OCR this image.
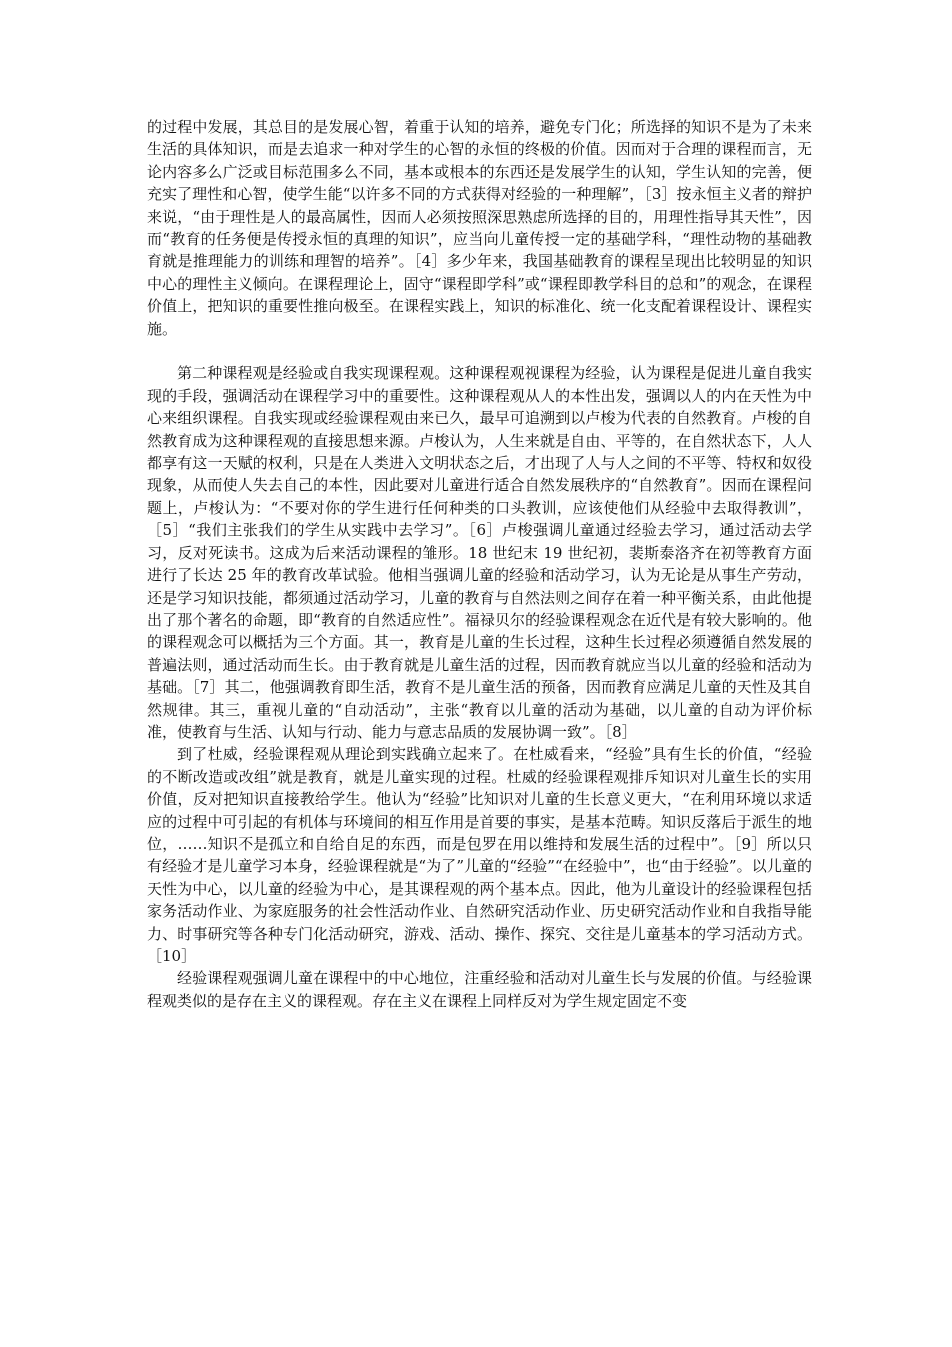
的过程中发展，其总目的是发展心智，着重于认知的培养，避免专门化；所选择的知识不是为了未来生活的具体知识，而是去追求一种对学生的心智的永恒的终极的价值。因而对于合理的课程而言，无论内容多么广泛或目标范围多么不同，基本或根本的东西还是发展学生的认知，学生认知的完善，便充实了理性和心智，使学生能“以许多不同的方式获得对经验的一种理解”，［3］按永恒主义者的辩护来说，“由于理性是人的最高属性，因而人必须按照深思熟虑所选择的目的，用理性指导其天性”，因而“教育的任务便是传授永恒的真理的知识”，应当向儿童传授一定的基础学科，“理性动物的基础教育就是推理能力的训练和理智的培养”。［4］多少年来，我国基础教育的课程呈现出比较明显的知识中心的理性主义倾向。在课程理论上，固守“课程即学科”或“课程即教学科目的总和”的观念，在课程价值上，把知识的重要性推向极至。在课程实践上，知识的标准化、统一化支配着课程设计、课程实施。

第二种课程观是经验或自我实现课程观。这种课程观视课程为经验，认为课程是促进儿童自我实现的手段，强调活动在课程学习中的重要性。这种课程观从人的本性出发，强调以人的内在天性为中心来组织课程。自我实现或经验课程观由来已久，最早可追溯到以卢梭为代表的自然教育。卢梭的自然教育成为这种课程观的直接思想来源。卢梭认为，人生来就是自由、平等的，在自然状态下，人人都享有这一天赋的权利，只是在人类进入文明状态之后，才出现了人与人之间的不平等、特权和奴役现象，从而使人失去自己的本性，因此要对儿童进行适合自然发展秩序的“自然教育”。因而在课程问题上，卢梭认为：“不要对你的学生进行任何种类的口头教训，应该使他们从经验中去取得教训”，［5］“我们主张我们的学生从实践中去学习”。［6］卢梭强调儿童通过经验去学习，通过活动去学习，反对死读书。这成为后来活动课程的雏形。18 世纪末 19 世纪初，裴斯泰洛齐在初等教育方面进行了长达 25 年的教育改革试验。他相当强调儿童的经验和活动学习，认为无论是从事生产劳动，还是学习知识技能，都须通过活动学习，儿童的教育与自然法则之间存在着一种平衡关系，由此他提出了那个著名的命题，即“教育的自然适应性”。福禄贝尔的经验课程观念在近代是有较大影响的。他的课程观念可以概括为三个方面。其一，教育是儿童的生长过程，这种生长过程必须遵循自然发展的普遍法则，通过活动而生长。由于教育就是儿童生活的过程，因而教育就应当以儿童的经验和活动为基础。［7］其二，他强调教育即生活，教育不是儿童生活的预备，因而教育应满足儿童的天性及其自然规律。其三，重视儿童的“自动活动”，主张“教育以儿童的活动为基础，以儿童的自动为评价标准，使教育与生活、认知与行动、能力与意志品质的发展协调一致”。［8］

到了杜威，经验课程观从理论到实践确立起来了。在杜威看来，“经验”具有生长的价值，“经验的不断改造或改组”就是教育，就是儿童实现的过程。杜威的经验课程观排斥知识对儿童生长的实用价值，反对把知识直接教给学生。他认为“经验”比知识对儿童的生长意义更大，“在利用环境以求适应的过程中可引起的有机体与环境间的相互作用是首要的事实，是基本范畴。知识反落后于派生的地位，……知识不是孤立和自给自足的东西，而是包罗在用以维持和发展生活的过程中”。［9］所以只有经验才是儿童学习本身，经验课程就是“为了”儿童的“经验”“在经验中”，也“由于经验”。以儿童的天性为中心，以儿童的经验为中心，是其课程观的两个基本点。因此，他为儿童设计的经验课程包括家务活动作业、为家庭服务的社会性活动作业、自然研究活动作业、历史研究活动作业和自我指导能力、时事研究等各种专门化活动研究，游戏、活动、操作、探究、交往是儿童基本的学习活动方式。［10］

经验课程观强调儿童在课程中的中心地位，注重经验和活动对儿童生长与发展的价值。与经验课程观类似的是存在主义的课程观。存在主义在课程上同样反对为学生规定固定不变
